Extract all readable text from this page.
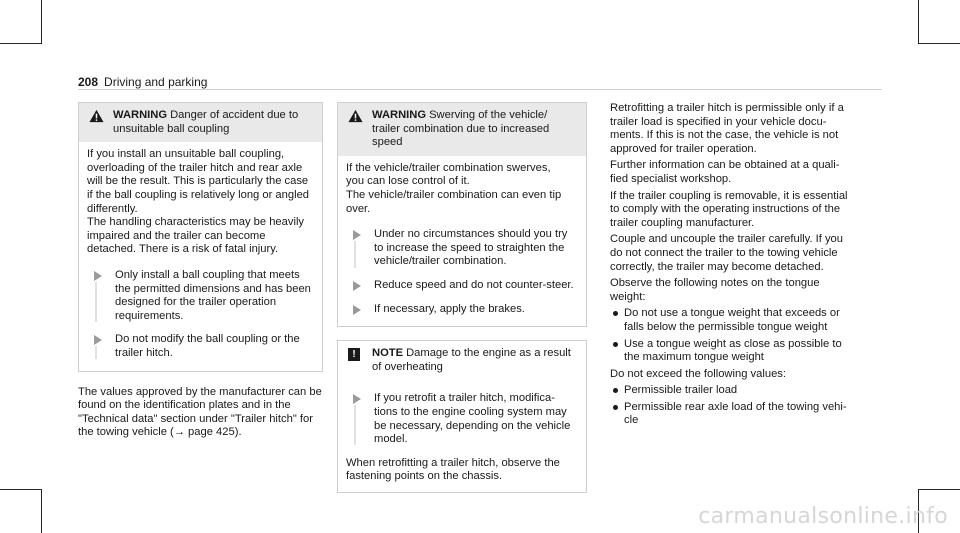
208 Driving and parking
WARNING Danger of accident due to
unsuitable ball coupling

If you install an unsuitable ball coupling,
overloading of the trailer hitch and rear axle
will be the result. This is particularly the case
if the ball coupling is relatively long or angled
differently.

The handling characteristics may be heavily
impaired and the trailer can become
detached. There is a risk of fatal injury.

Only install a ball coupling that meets
the permitted dimensions and has been
designed for the trailer operation
requirements.
Do not modify the ball coupling or the
trailer hitch.

The values approved by the manufacturer can be
found on the identification plates and in the
"Technical data" section under "Trailer hitch" for
the towing vehicle (→ page 425).

WARNING Swerving of the vehicle/
trailer combination due to increased
speed

If the vehicle/trailer combination swerves,
you can lose control of it.

The vehicle/trailer combination can even tip
over.

Under no circumstances should you try
to increase the speed to straighten the
vehicle/trailer combination.
Reduce speed and do not counter-steer.
If necessary, apply the brakes.
!	NOTE Damage to the engine as a result
of overheating
If you retrofit a trailer hitch, modifica-
tions to the engine cooling system may
be necessary, depending on the vehicle
model.

When retrofitting a trailer hitch, observe the
fastening points on the chassis.

Retrofitting a trailer hitch is permissible only if a
trailer load is specified in your vehicle docu-
ments. If this is not the case, the vehicle is not
approved for trailer operation.

Further information can be obtained at a quali-
fied specialist workshop.

If the trailer coupling is removable, it is essential
to comply with the operating instructions of the
trailer coupling manufacturer.

Couple and uncouple the trailer carefully. If you
do not connect the trailer to the towing vehicle
correctly, the trailer may become detached.

Observe the following notes on the tongue
weight:

Do not use a tongue weight that exceeds or
falls below the permissible tongue weight
Use a tongue weight as close as possible to
the maximum tongue weight

Do not exceed the following values:

Permissible trailer load
Permissible rear axle load of the towing vehi-
cle
carmanualsonline.info
